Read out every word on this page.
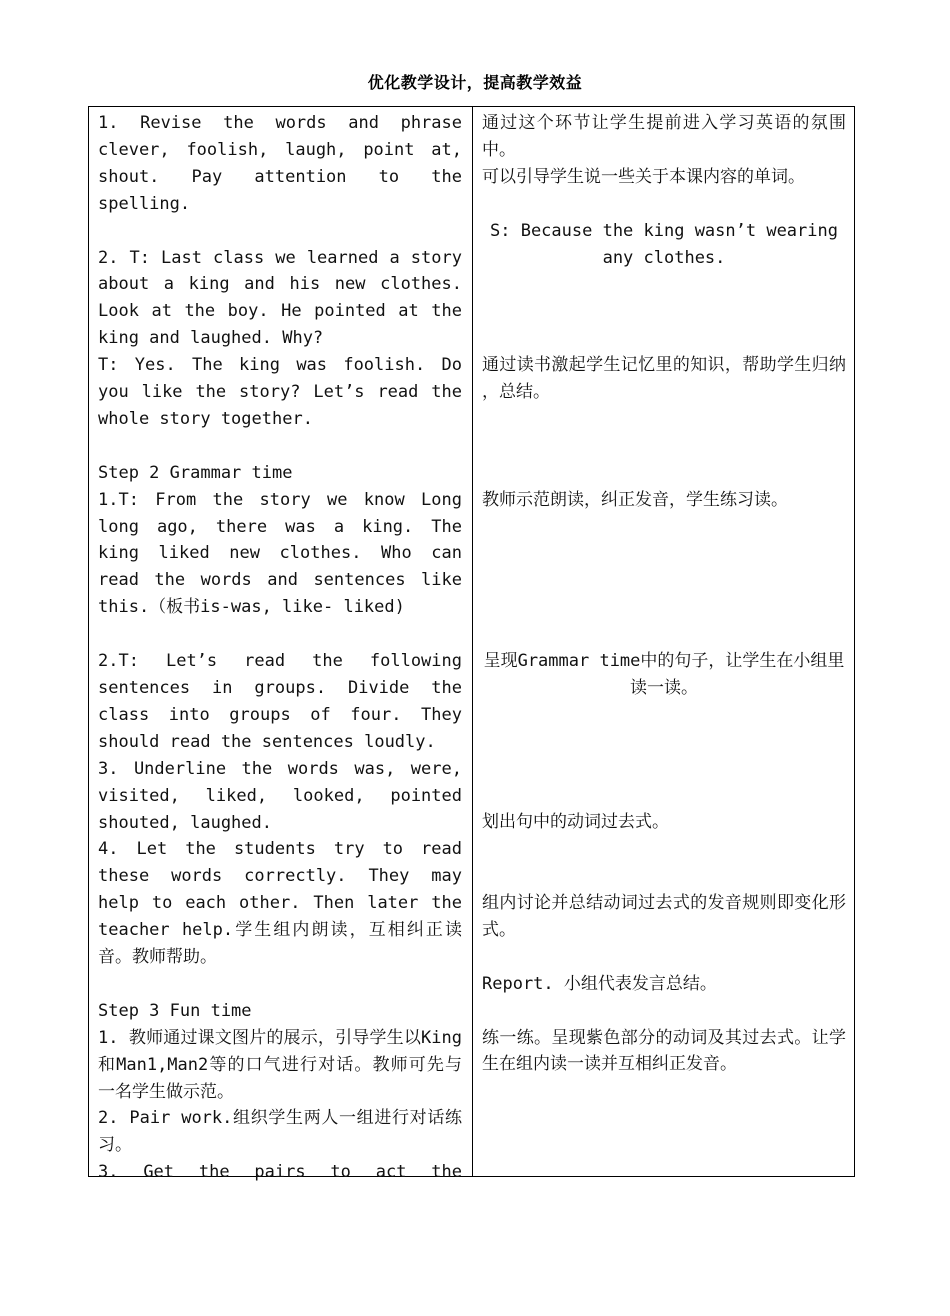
优化教学设计，提高教学效益

1. Revise the words and phrase clever, foolish, laugh, point at, shout. Pay attention to the spelling.

2. T: Last class we learned a story about a king and his new clothes. Look at the boy. He pointed at the king and laughed. Why?

T: Yes. The king was foolish. Do you like the story? Let’s read the whole story together.

Step 2 Grammar time

1.T: From the story we know Long long ago, there was a king. The king liked new clothes. Who can read the words and sentences like this.（板书is-was, like- liked)

2.T: Let’s read the following sentences in groups. Divide the class into groups of four. They should read the sentences loudly.

3. Underline the words was, were, visited, liked, looked, pointed shouted, laughed.

4. Let the students try to read these words correctly. They may help to each other. Then later the teacher help.学生组内朗读，互相纠正读音。教师帮助。

Step 3 Fun time

1. 教师通过课文图片的展示，引导学生以King 和Man1,Man2等的口气进行对话。教师可先与一名学生做示范。

2. Pair work.组织学生两人一组进行对话练习。

3. Get the pairs to act the

通过这个环节让学生提前进入学习英语的氛围中。

可以引导学生说一些关于本课内容的单词。

S: Because the king wasn’t wearing any clothes.

通过读书激起学生记忆里的知识，帮助学生归纳 ，总结。

教师示范朗读，纠正发音，学生练习读。

呈现Grammar time中的句子，让学生在小组里读一读。

划出句中的动词过去式。

组内讨论并总结动词过去式的发音规则即变化形式。

Report. 小组代表发言总结。

练一练。呈现紫色部分的动词及其过去式。让学生在组内读一读并互相纠正发音。
